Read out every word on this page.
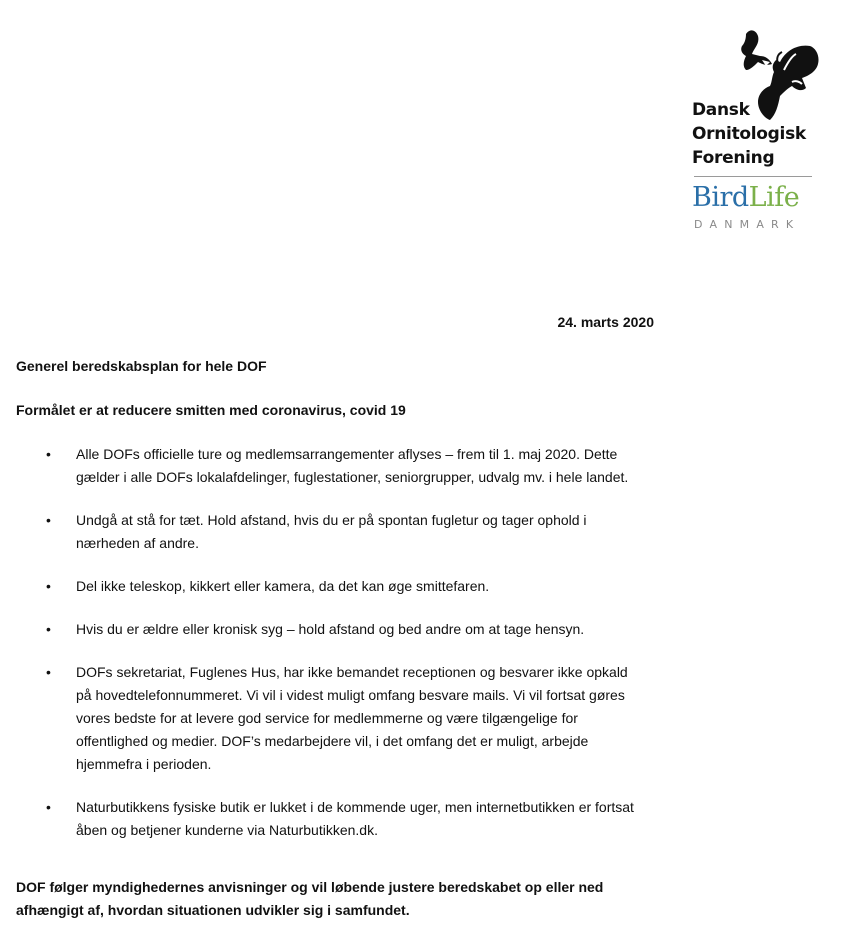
Dansk
Ornitologisk
Forening
BirdLife
DANMARK
24. marts 2020
Generel beredskabsplan for hele DOF
Formålet er at reducere smitten med coronavirus, covid 19
• Alle DOFs officielle ture og medlemsarrangementer aflyses – frem til 1. maj 2020. Dette gælder i alle DOFs lokalafdelinger, fuglestationer, seniorgrupper, udvalg mv. i hele landet.
• Undgå at stå for tæt. Hold afstand, hvis du er på spontan fugletur og tager ophold i nærheden af andre.
• Del ikke teleskop, kikkert eller kamera, da det kan øge smittefaren.
• Hvis du er ældre eller kronisk syg – hold afstand og bed andre om at tage hensyn.
• DOFs sekretariat, Fuglenes Hus, har ikke bemandet receptionen og besvarer ikke opkald på hovedtelefonnummeret. Vi vil i videst muligt omfang besvare mails. Vi vil fortsat gøres vores bedste for at levere god service for medlemmerne og være tilgængelige for offentlighed og medier. DOF’s medarbejdere vil, i det omfang det er muligt, arbejde hjemmefra i perioden.
• Naturbutikkens fysiske butik er lukket i de kommende uger, men internetbutikken er fortsat åben og betjener kunderne via Naturbutikken.dk.
DOF følger myndighedernes anvisninger og vil løbende justere beredskabet op eller ned afhængigt af, hvordan situationen udvikler sig i samfundet.
